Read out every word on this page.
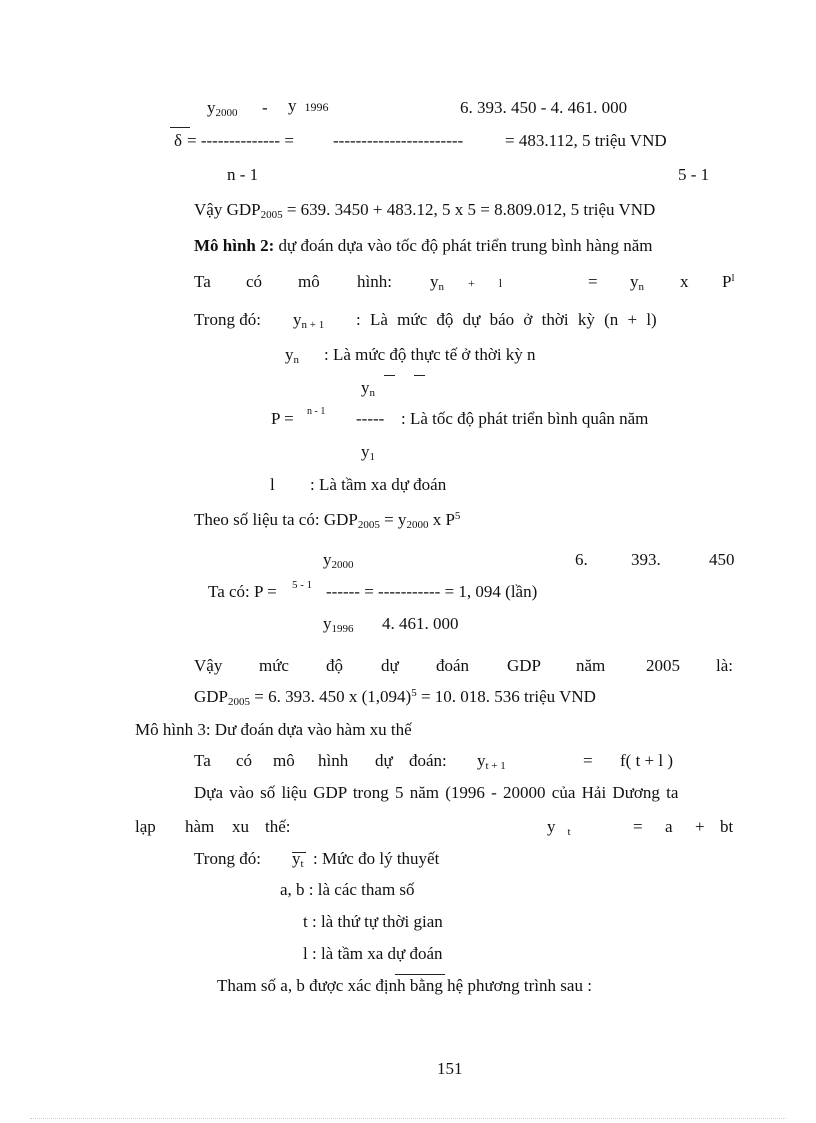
$y_{2000}$ - y 1996	6. 393. 450 - 4. 461. 000
δ = -------------- = ----------------------- = 483.112, 5 triệu VND
n - 1	5 - 1
Vậy $GDP_{2005} = 639$. 3450 + 483.12, 5 x 5 = 8.809.012, 5 triệu VND
Mô hình 2: dự đoán dựa vào tốc độ phát triển trung bình hàng năm
Ta có mô hình: $y_n + l$	= $y_n$ x $P^l$
Trong đó: $y_{n + 1}$ : Là mức độ dự báo ở thời kỳ (n + l)
$y_n$ : Là mức độ thực tế ở thời kỳ n
$y_n$
P = n - 1 ----- : Là tốc độ phát triển bình quân năm
$y_1$
l : Là tầm xa dự đoán
Theo số liệu ta có: $GDP_{2005} = y_{2000}$ x $P^5$
$y_{2000}$	6.	393.	450
Ta có: P = 5 - 1 ------ = ----------- = 1, 094 (lần)
$y_{1996}$ 4. 461. 000
Vậy mức độ dự đoán GDP năm 2005 là:
$GDP_{2005} = 6$. 393. 450 x $(1,094)^5 = 10$. 018. 536 triệu VND
Mô hình 3: Dư đoán dựa vào hàm xu thế
Ta có mô hình dự đoán: $y_{t + 1}$	= f( t + l )
Dựa vào số liệu GDP trong 5 năm (1996 - 20000 của Hải Dương ta
lạp hàm xu thế:	y $_t$	= a + bt
Trong đó: $y_t$ : Mức đo lý thuyết
a, b : là các tham số
t : là thứ tự thời gian
l : là tầm xa dự đoán
Tham số a, b được xác định bằng hệ phương trình sau :
151
